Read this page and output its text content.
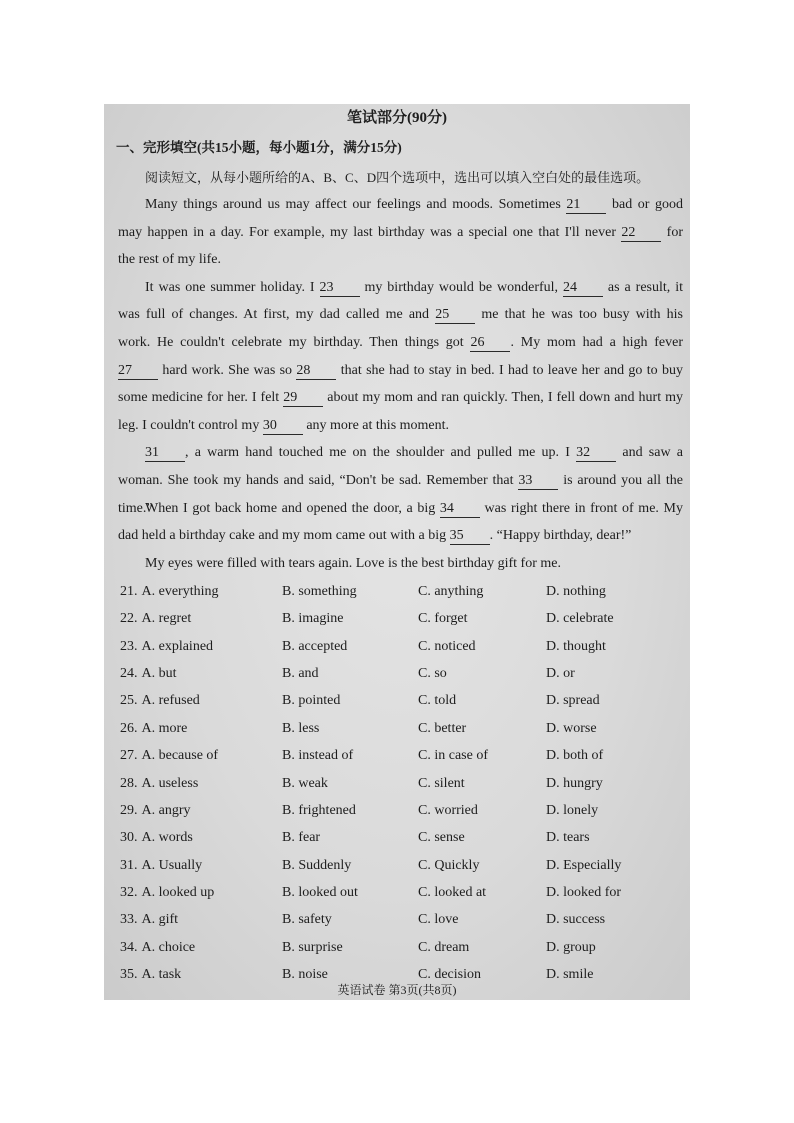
笔试部分(90分)
一、完形填空(共15小题，每小题1分，满分15分)
阅读短文，从每小题所给的A、B、C、D四个选项中，选出可以填入空白处的最佳选项。
Many things around us may affect our feelings and moods. Sometimes 21 bad or good
may happen in a day. For example, my last birthday was a special one that I'll never 22 for
the rest of my life.
It was one summer holiday. I 23 my birthday would be wonderful, 24 as a result, it
was full of changes. At first, my dad called me and 25 me that he was too busy with his
work. He couldn't celebrate my birthday. Then things got 26 . My mom had a high fever
27 hard work. She was so 28 that she had to stay in bed. I had to leave her and go to buy
some medicine for her. I felt 29 about my mom and ran quickly. Then, I fell down and hurt my
leg. I couldn't control my 30 any more at this moment.
31 , a warm hand touched me on the shoulder and pulled me up. I 32 and saw a
woman. She took my hands and said, “Don't be sad. Remember that 33 is around you all the time.”
When I got back home and opened the door, a big 34 was right there in front of me. My
dad held a birthday cake and my mom came out with a big 35 . “Happy birthday, dear!”
My eyes were filled with tears again. Love is the best birthday gift for me.
21. A. everything	B. something	C. anything	D. nothing
22. A. regret	B. imagine	C. forget	D. celebrate
23. A. explained	B. accepted	C. noticed	D. thought
24. A. but	B. and	C. so	D. or
25. A. refused	B. pointed	C. told	D. spread
26. A. more	B. less	C. better	D. worse
27. A. because of	B. instead of	C. in case of	D. both of
28. A. useless	B. weak	C. silent	D. hungry
29. A. angry	B. frightened	C. worried	D. lonely
30. A. words	B. fear	C. sense	D. tears
31. A. Usually	B. Suddenly	C. Quickly	D. Especially
32. A. looked up	B. looked out	C. looked at	D. looked for
33. A. gift	B. safety	C. love	D. success
34. A. choice	B. surprise	C. dream	D. group
35. A. task	B. noise	C. decision	D. smile
英语试卷 第3页(共8页)
